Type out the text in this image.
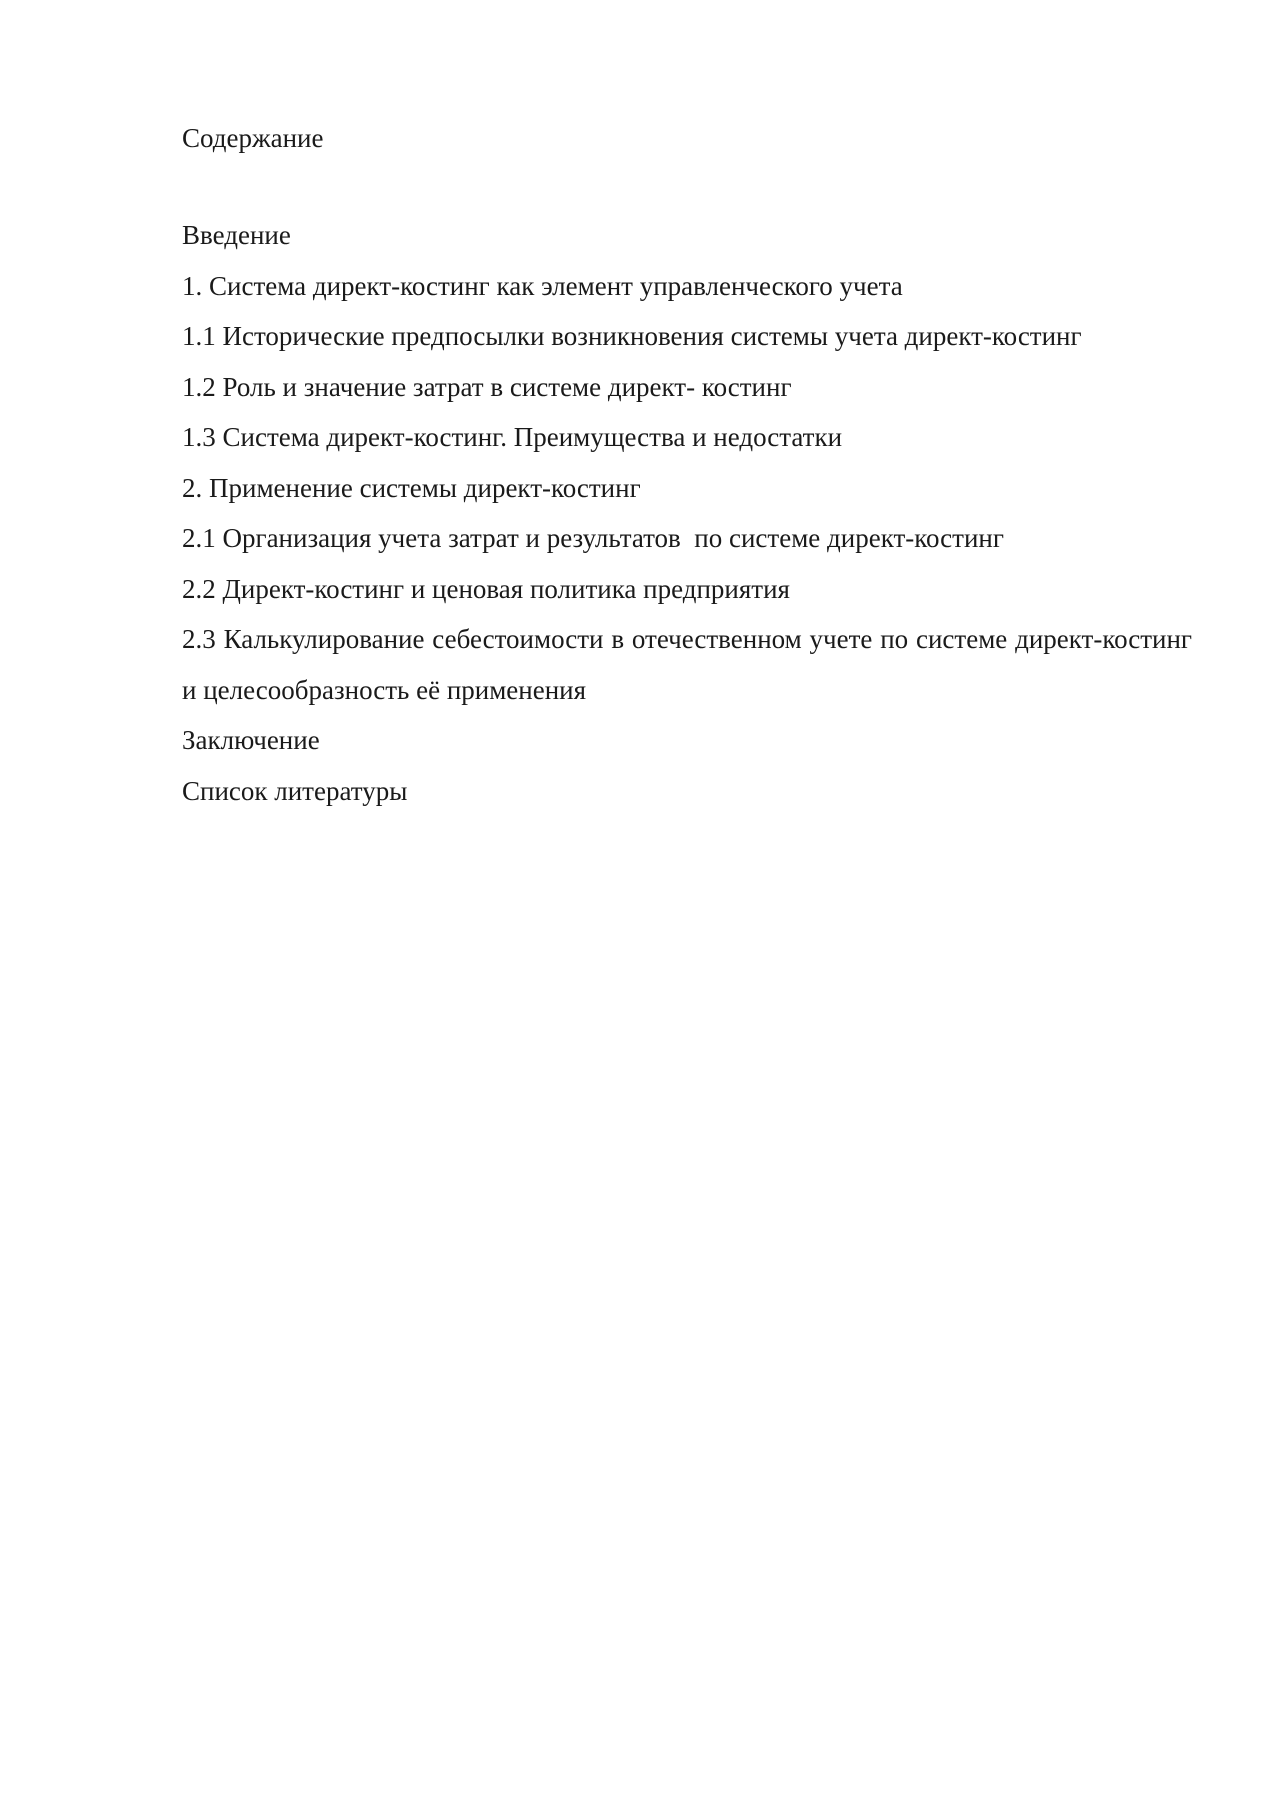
Содержание
Введение
1. Система директ-костинг как элемент управленческого учета
1.1 Исторические предпосылки возникновения системы учета директ-костинг
1.2 Роль и значение затрат в системе директ- костинг
1.3 Система директ-костинг. Преимущества и недостатки
2. Применение системы директ-костинг
2.1 Организация учета затрат и результатов  по системе директ-костинг
2.2 Директ-костинг и ценовая политика предприятия
2.3 Калькулирование себестоимости в отечественном учете по системе директ-костинг и целесообразность её применения
Заключение
Список литературы
